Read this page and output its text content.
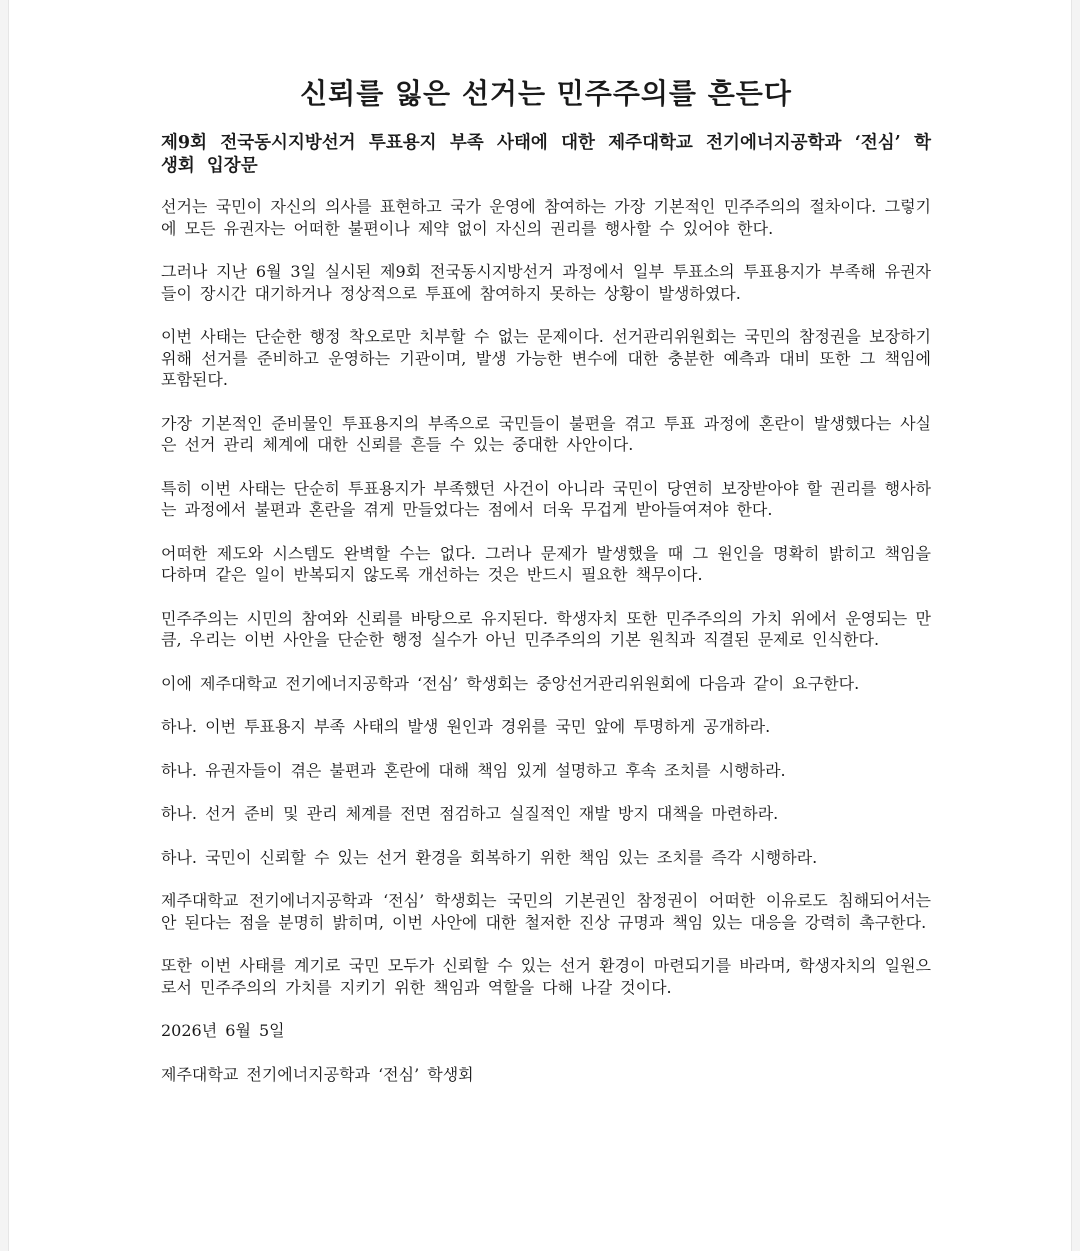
신뢰를 잃은 선거는 민주주의를 흔든다
제9회 전국동시지방선거 투표용지 부족 사태에 대한 제주대학교 전기에너지공학과 ‘전심’ 학생회 입장문
선거는 국민이 자신의 의사를 표현하고 국가 운영에 참여하는 가장 기본적인 민주주의의 절차이다. 그렇기에 모든 유권자는 어떠한 불편이나 제약 없이 자신의 권리를 행사할 수 있어야 한다.
그러나 지난 6월 3일 실시된 제9회 전국동시지방선거 과정에서 일부 투표소의 투표용지가 부족해 유권자들이 장시간 대기하거나 정상적으로 투표에 참여하지 못하는 상황이 발생하였다.
이번 사태는 단순한 행정 착오로만 치부할 수 없는 문제이다. 선거관리위원회는 국민의 참정권을 보장하기 위해 선거를 준비하고 운영하는 기관이며, 발생 가능한 변수에 대한 충분한 예측과 대비 또한 그 책임에 포함된다.
가장 기본적인 준비물인 투표용지의 부족으로 국민들이 불편을 겪고 투표 과정에 혼란이 발생했다는 사실은 선거 관리 체계에 대한 신뢰를 흔들 수 있는 중대한 사안이다.
특히 이번 사태는 단순히 투표용지가 부족했던 사건이 아니라 국민이 당연히 보장받아야 할 권리를 행사하는 과정에서 불편과 혼란을 겪게 만들었다는 점에서 더욱 무겁게 받아들여져야 한다.
어떠한 제도와 시스템도 완벽할 수는 없다. 그러나 문제가 발생했을 때 그 원인을 명확히 밝히고 책임을 다하며 같은 일이 반복되지 않도록 개선하는 것은 반드시 필요한 책무이다.
민주주의는 시민의 참여와 신뢰를 바탕으로 유지된다. 학생자치 또한 민주주의의 가치 위에서 운영되는 만큼, 우리는 이번 사안을 단순한 행정 실수가 아닌 민주주의의 기본 원칙과 직결된 문제로 인식한다.
이에 제주대학교 전기에너지공학과 ‘전심’ 학생회는 중앙선거관리위원회에 다음과 같이 요구한다.
하나. 이번 투표용지 부족 사태의 발생 원인과 경위를 국민 앞에 투명하게 공개하라.
하나. 유권자들이 겪은 불편과 혼란에 대해 책임 있게 설명하고 후속 조치를 시행하라.
하나. 선거 준비 및 관리 체계를 전면 점검하고 실질적인 재발 방지 대책을 마련하라.
하나. 국민이 신뢰할 수 있는 선거 환경을 회복하기 위한 책임 있는 조치를 즉각 시행하라.
제주대학교 전기에너지공학과 ‘전심’ 학생회는 국민의 기본권인 참정권이 어떠한 이유로도 침해되어서는 안 된다는 점을 분명히 밝히며, 이번 사안에 대한 철저한 진상 규명과 책임 있는 대응을 강력히 촉구한다.
또한 이번 사태를 계기로 국민 모두가 신뢰할 수 있는 선거 환경이 마련되기를 바라며, 학생자치의 일원으로서 민주주의의 가치를 지키기 위한 책임과 역할을 다해 나갈 것이다.
2026년 6월 5일
제주대학교 전기에너지공학과 ‘전심’ 학생회
